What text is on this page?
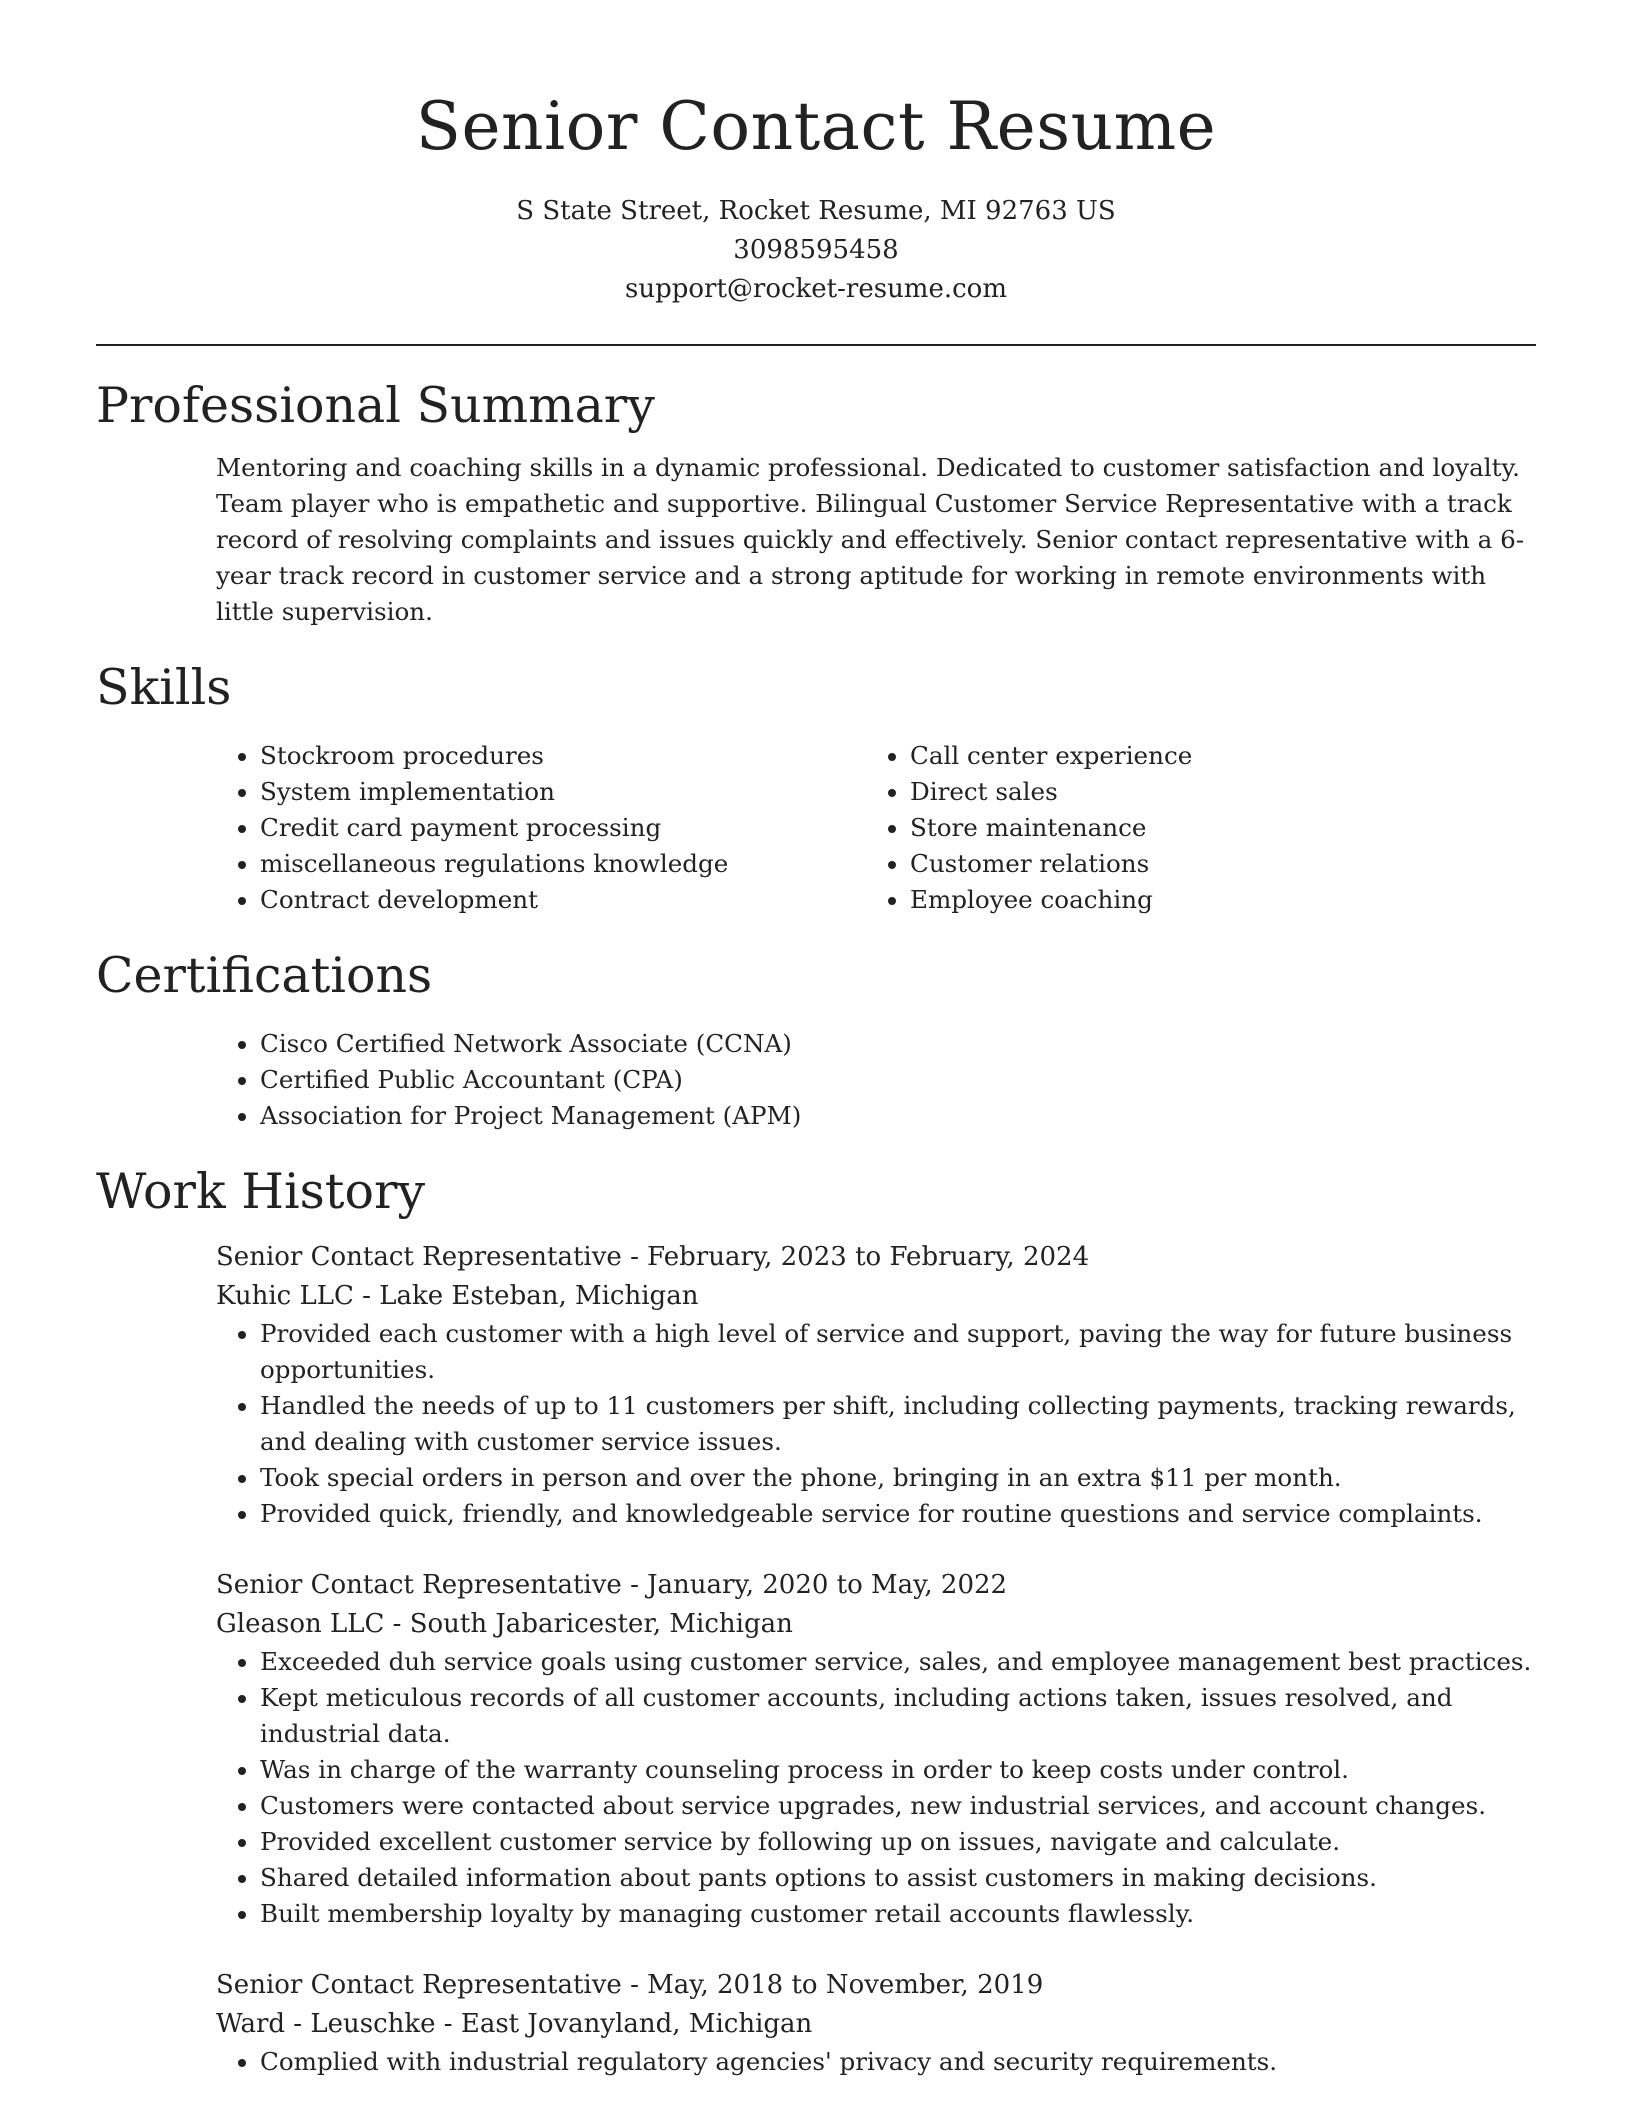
Senior Contact Resume

S State Street, Rocket Resume, MI 92763 US

3098595458

support@rocket-resume.com

Professional Summary

Mentoring and coaching skills in a dynamic professional. Dedicated to customer satisfaction and loyalty. Team player who is empathetic and supportive. Bilingual Customer Service Representative with a track record of resolving complaints and issues quickly and effectively. Senior contact representative with a 6-year track record in customer service and a strong aptitude for working in remote environments with little supervision.

Skills
• Stockroom procedures
• System implementation
• Credit card payment processing
• miscellaneous regulations knowledge
• Contract development
• Call center experience
• Direct sales
• Store maintenance
• Customer relations
• Employee coaching
Certifications
• Cisco Certified Network Associate (CCNA)
• Certified Public Accountant (CPA)
• Association for Project Management (APM)
Work History

Senior Contact Representative - February, 2023 to February, 2024

Kuhic LLC - Lake Esteban, Michigan

• Provided each customer with a high level of service and support, paving the way for future business opportunities.
• Handled the needs of up to 11 customers per shift, including collecting payments, tracking rewards, and dealing with customer service issues.
• Took special orders in person and over the phone, bringing in an extra $11 per month.
• Provided quick, friendly, and knowledgeable service for routine questions and service complaints.

Senior Contact Representative - January, 2020 to May, 2022

Gleason LLC - South Jabaricester, Michigan

• Exceeded duh service goals using customer service, sales, and employee management best practices.
• Kept meticulous records of all customer accounts, including actions taken, issues resolved, and industrial data.
• Was in charge of the warranty counseling process in order to keep costs under control.
• Customers were contacted about service upgrades, new industrial services, and account changes.
• Provided excellent customer service by following up on issues, navigate and calculate.
• Shared detailed information about pants options to assist customers in making decisions.
• Built membership loyalty by managing customer retail accounts flawlessly.

Senior Contact Representative - May, 2018 to November, 2019

Ward - Leuschke - East Jovanyland, Michigan

• Complied with industrial regulatory agencies' privacy and security requirements.
